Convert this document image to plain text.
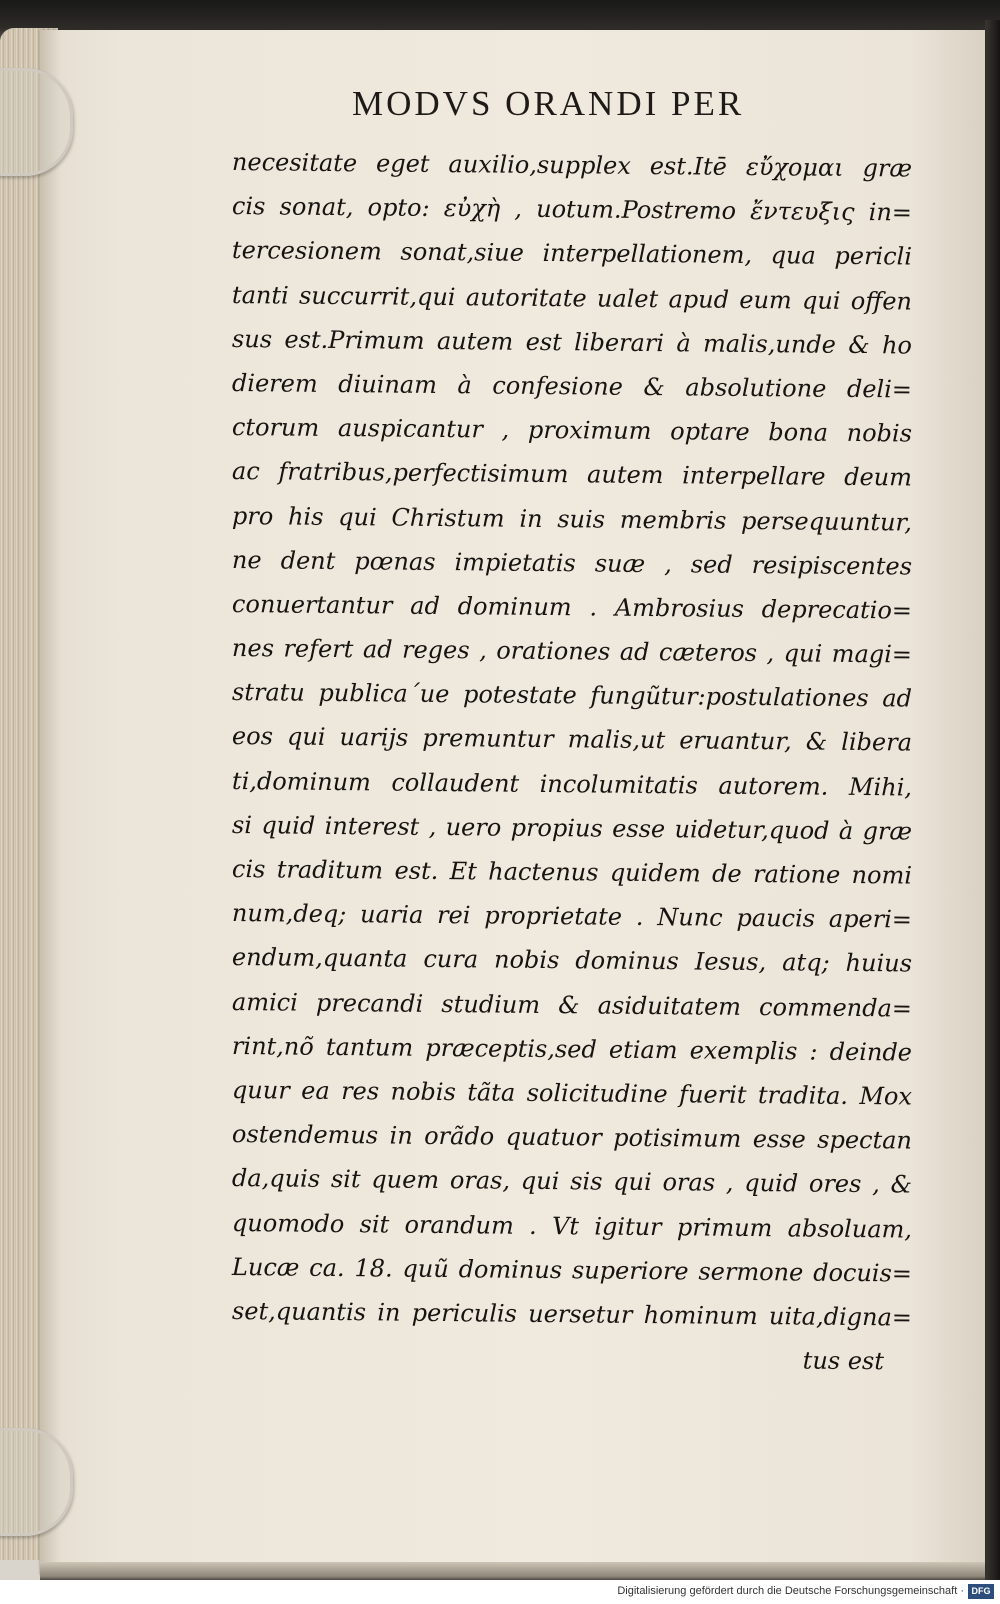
MODVS ORANDI PER
necesitate eget auxilio,supplex est.Itē εὔχομαι græ
cis sonat, opto: εὐχὴ , uotum.Postremo ἔντευξις in=
tercesionem sonat,siue interpellationem, qua pericli
tanti succurrit,qui autoritate ualet apud eum qui offen
sus est.Primum autem est liberari à malis,unde & ho
dierem diuinam à confesione & absolutione deli=
ctorum auspicantur , proximum optare bona nobis
ac fratribus,perfectisimum autem interpellare deum
pro his qui Christum in suis membris persequuntur,
ne dent pœnas impietatis suæ , sed resipiscentes
conuertantur ad dominum . Ambrosius deprecatio=
nes refert ad reges , orationes ad cæteros , qui magi=
stratu publica´ue potestate fungũtur:postulationes ad
eos qui uarijs premuntur malis,ut eruantur, & libera
ti,dominum collaudent incolumitatis autorem. Mihi,
si quid interest , uero propius esse uidetur,quod à græ
cis traditum est. Et hactenus quidem de ratione nomi
num,deq; uaria rei proprietate . Nunc paucis aperi=
endum,quanta cura nobis dominus Iesus, atq; huius
amici precandi studium & asiduitatem commenda=
rint,nõ tantum præceptis,sed etiam exemplis : deinde
quur ea res nobis tãta solicitudine fuerit tradita. Mox
ostendemus in orãdo quatuor potisimum esse spectan
da,quis sit quem oras, qui sis qui oras , quid ores , &
quomodo sit orandum . Vt igitur primum absoluam,
Lucæ ca. 18. quũ dominus superiore sermone docuis=
set,quantis in periculis uersetur hominum uita,digna=
tus est
Digitalisierung gefördert durch die Deutsche Forschungsgemeinschaft · DFG
